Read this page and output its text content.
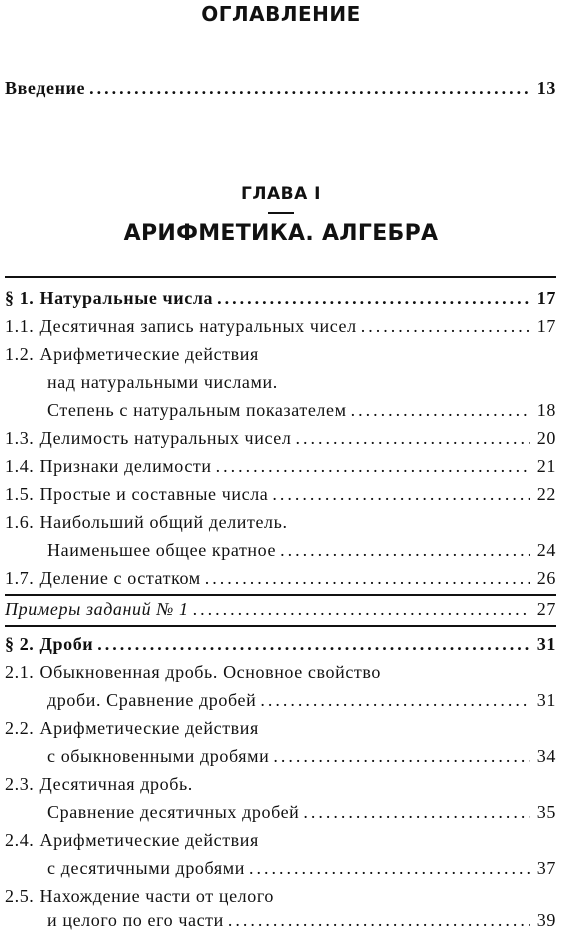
ОГЛАВЛЕНИЕ
Введение .....	13
ГЛАВА I
АРИФМЕТИКА. АЛГЕБРА
§ 1. Натуральные числа .....	17
1.1. Десятичная запись натуральных чисел .....	17
1.2. Арифметические действия
над натуральными числами.
Степень с натуральным показателем .....	18
1.3. Делимость натуральных чисел .....	20
1.4. Признаки делимости .....	21
1.5. Простые и составные числа .....	22
1.6. Наибольший общий делитель.
Наименьшее общее кратное .....	24
1.7. Деление с остатком .....	26
Примеры заданий № 1 .....	27
§ 2. Дроби .....	31
2.1. Обыкновенная дробь. Основное свойство
дроби. Сравнение дробей .....	31
2.2. Арифметические действия
с обыкновенными дробями .....	34
2.3. Десятичная дробь.
Сравнение десятичных дробей .....	35
2.4. Арифметические действия
с десятичными дробями .....	37
2.5. Нахождение части от целого
и целого по его части .....	39
